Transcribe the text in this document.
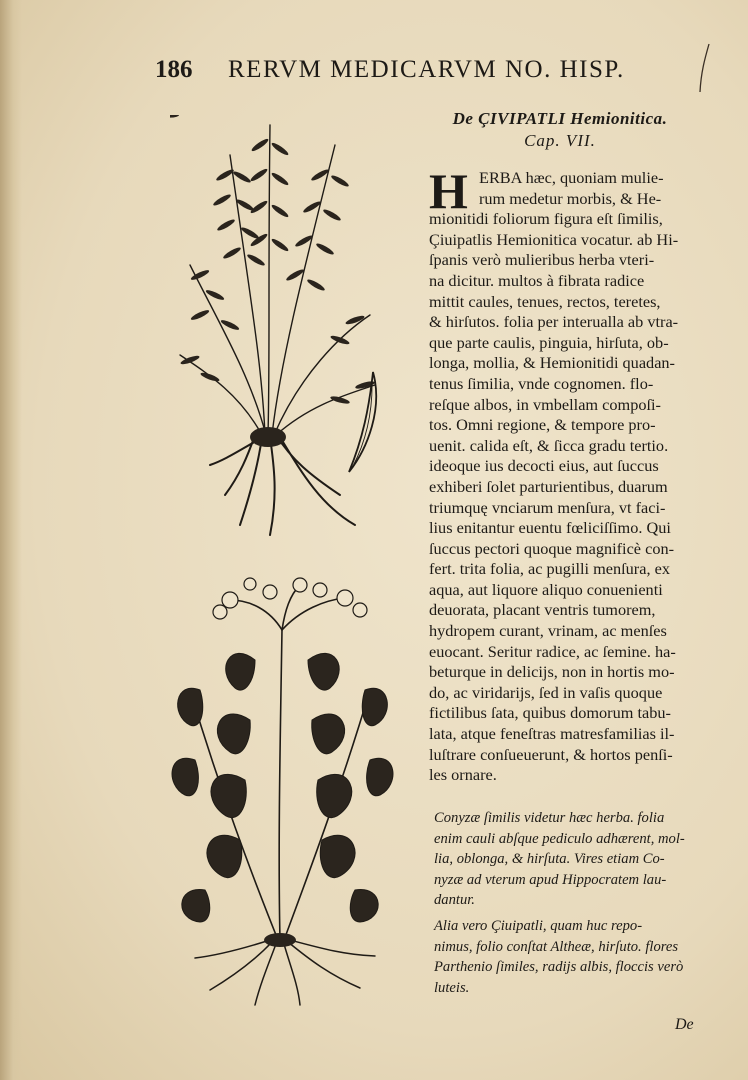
186 RERVM MEDICARVM NO. HISP.
De ÇIVIPATLI Hemionitica.
Cap. VII.
H ERBA hæc, quoniam mulie-
rum medetur morbis, & He-
mionitidi foliorum figura eſt ſimilis,
Çiuipatlis Hemionitica vocatur. ab Hi-
ſpanis verò mulieribus herba vteri-
na dicitur. multos à fibrata radice
mittit caules, tenues, rectos, teretes,
& hirſutos. folia per interualla ab vtra-
que parte caulis, pinguia, hirſuta, ob-
longa, mollia, & Hemionitidi quadan-
tenus ſimilia, vnde cognomen. flo-
reſque albos, in vmbellam compoſi-
tos. Omni regione, & tempore pro-
uenit. calida eſt, & ſicca gradu tertio.
ideoque ius decocti eius, aut ſuccus
exhiberi ſolet parturientibus, duarum
triumquę vnciarum menſura, vt faci-
lius enitantur euentu fœliciſſimo. Qui
ſuccus pectori quoque magnificè con-
fert. trita folia, ac pugilli menſura, ex
aqua, aut liquore aliquo conuenienti
deuorata, placant ventris tumorem,
hydropem curant, vrinam, ac menſes
euocant. Seritur radice, ac ſemine. ha-
beturque in delicijs, non in hortis mo-
do, ac viridarijs, ſed in vaſis quoque
fictilibus ſata, quibus domorum tabu-
lata, atque feneſtras matresfamilias il-
luſtrare conſueuerunt, & hortos penſi-
les ornare.
Conyzæ ſimilis videtur hæc herba. folia
enim cauli abſque pediculo adhærent, mol-
lia, oblonga, & hirſuta. Vires etiam Co-
nyzæ ad vterum apud Hippocratem lau-
dantur.
Alia vero Çiuipatli, quam huc repo-
nimus, folio conſtat Altheæ, hirſuto. flores
Parthenio ſimiles, radijs albis, floccis verò
luteis.
De
